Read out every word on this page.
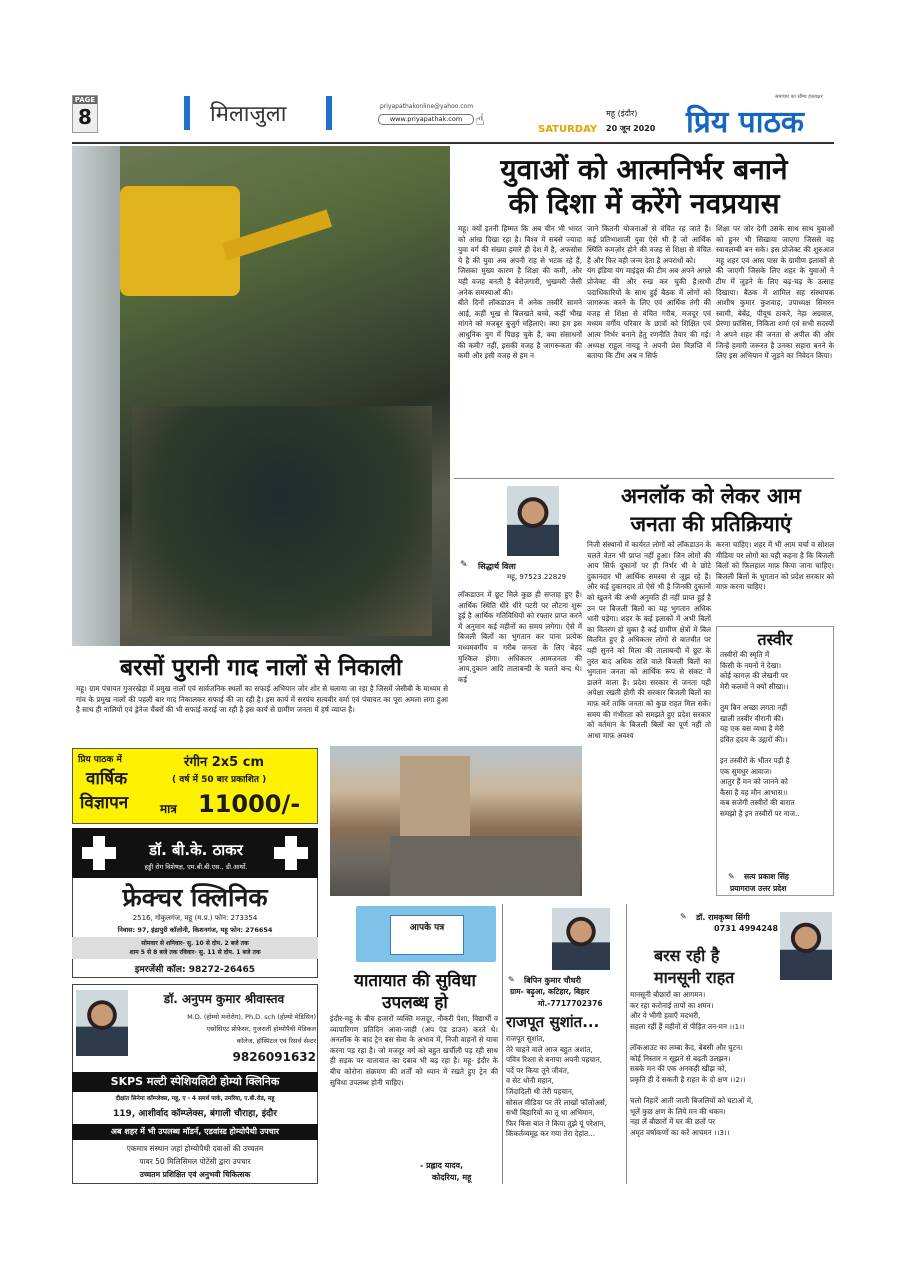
PAGE
8	मिलाजुला	priyapathakonline@yahoo.com
www.priyapathak.com ☝
SATURDAY
महू (इंदौर)
20 जून 2020
समाचार का सौम्य हस्ताक्षर
प्रिय पाठक
युवाओं को आत्मनिर्भर बनाने
की दिशा में करेंगे नवप्रयास
महू। क्यों इतनी हिम्मत कि अब चीन भी भारत को आंख दिखा रहा है। विश्व में सबसे ज्यादा युवा वर्ग की संख्या हमारे ही देश में है, अफसोस ये है की युवा अब अपनी राह से भटक रहे हैं, जिसका मुख्य कारण है शिक्षा की कमी, और यही वजह बनती है बेरोज़गारी, भुखमरी जैसी अनेक समस्याओं की।
बीते दिनों लॉकडाउन में अनेक तस्वीरें सामने आई, कहीं भूख से बिलखते बच्चे, कहीं भीख मांगने को मजबूर बुजुर्ग महिलाएं। क्या हम इस आधुनिक युग में पिछड़ चुके हैं, क्या संसाधनों की कमी? नहीं, इसकी वजह है जागरूकता की कमी और इसी वजह से हम न
जाने कितनी योजनाओं से वंचित रह जाते हैं। कई प्रतिभाशाली युवा ऐसे भी हैं जो आर्थिक स्थिति कमज़ोर होने की वजह से शिक्षा से वंचित हैं और फिर वही जन्म देता है अपराधों को।
यंग इंडिया यंग माइंड्स की टीम अब अपने अगले प्रोजेक्ट की और रुख कर चुकी है।सभी पदाधिकारियों के साथ हुई बैठक में लोगों को जागरूक करने के लिए एवं आर्थिक तंगी की वजह से शिक्षा से वंचित गरीब, मजदूर एवं मध्यम वर्गीय परिवार के छात्रों को शिक्षित एवं आत्म निर्भर बनाने हेतु रणनीति तैयार की गई। अध्यक्ष राहुल नायडू ने अपनी प्रेस विज्ञप्ति में बताया कि टीम अब न सिर्फ
शिक्षा पर जोर देगी उसके साथ साथ युवाओं को हुनर भी सिखाया जाएगा जिससे वह स्वावलम्बी बन सके। इस प्रोजेक्ट की शुरुआत महू शहर एवं आस पास के ग्रामीण इलाकों से की जाएगी जिसके लिए शहर के युवाओं ने टीम में जुड़ने के लिए बढ़-चढ़ के उत्साह दिखाया। बैठक में शामिल सह संस्थापक आशीष कुमार कुशवाह, उपाध्यक्ष सिमरन स्वामी, बेबेंद्र, पीयूष ठाकरे, नेहा अग्रवाल, प्रेरणा फ्रांसिस, निकिता शर्मा एवं सभी सदस्यों ने अपने शहर की जनता से अपील की और जिन्हें हमारी जरूरत है उनका सहारा बनने के लिए इस अभियान में जुड़ने का निवेदन किया।
बरसों पुरानी गाद नालों से निकाली
महू। ग्राम पंचायत गुजरखेड़ा में प्रमुख नालों एवं सार्वजनिक स्थलों का सफाई अभियान जोर शोर से चलाया जा रहा है जिसमें जेसीबी के माध्यम से गांव के प्रमुख नालों की पहली बार गाद निकालकर सफाई की जा रही है। इस कार्य में सरपंच सत्यवीर वर्मा एवं पंचायत का पूरा अमला लगा हुआ है साथ ही नालियों एवं ड्रेनेज चैंबरों की भी सफाई कराई जा रही है इस कार्य से ग्रामीण जनता में हर्ष व्याप्त है।
अनलॉक को लेकर आम
जनता की प्रतिक्रियाएं
✎ सिद्धार्थ विला
महू, 97523 22829
लॉकडाउन में छूट मिले कुछ ही सप्ताह हुए हैं। आर्थिक स्थिति धीरे धीरे पटरी पर लौटना शुरू हुई है आर्थिक गतिविधियों को रफ्तार प्राप्त करने में अनुमान कई महीनों का समय लगेगा। ऐसे में बिजली बिलों का भुगतान कर पाना प्रत्येक मध्यमवर्गीय व गरीब जनता के लिए बेहद मुश्किल होगा। अधिकतर आमजनता की आय,दुकान आदि तालाबन्दी के चलते बन्द थे। कई
निजी संस्थानों में कार्यरत लोगों को लॉकडाउन के चलते वेतन भी प्राप्त नहीं हुआ। जिन लोगों की आय सिर्फ दुकानों पर ही निर्भर थी वे छोटे दुकानदार भी आर्थिक समस्या से जूझ रहे हैं। और कई दुकानदार तो ऐसे भी है जिनकी दुकानों को खुलने की अभी अनुमति ही नहीं प्राप्त हुई है उन पर बिजली बिलों का यह भुगतान अधिक भारी पड़ेगा। शहर के कई इलाकों में अभी बिलों का वितरण हो चुका है कई ग्रामीण क्षेत्रों में बिल वितरित हुए है अधिकतर लोगों से बातचीत पर यही सुनने को मिला की तालाबन्दी में छूट के तुरंत बाद अधिक राशि वाले बिजली बिलों का भुगतान जनता को आर्थिक रूप से संकट में डालने वाला है। प्रदेश सरकार से जनता यही अपेक्षा रखती होगी की सरकार बिजली बिलों का माफ़ करें ताकि जनता को कुछ राहत मिल सकें। समय की गंभीरता को समझते हुए प्रदेश सरकार को वर्तमान के बिजली बिलों का पूर्ण नहीं तो आधा माफ़ अवश्य
करना चाहिए। शहर में भी आम चर्चा व सोशल मीडिया पर लोगों का यही कहना है कि बिजली बिलों को फ़िलहाल माफ़ किया जाना चाहिए। बिजली बिलों के भुगतान को प्रदेश सरकार को माफ़ करना चाहिए।
तस्वीर
तस्वीरों की स्मृति में
किसी के नयनों ने देखा।
कोई कागज़ की लेखनी पर
मेरी कलमों ने क्यों सीखा।।

तुम बिन अच्छा लगता नहीं
खाली तस्वीर वीरानी की।
यह एक बस व्यथा है मेरी
द्रवित हृदय के उद्गारों की।।

इन तस्वीरों के भीतर पड़ी है
एक सुमधुर आवाज।
आतुर हैं मन को जानने को
कैसा है यह मौन आभास।।
कब सजेगी तस्वीरों की बारात
समझो है इन तस्वीरों पर नाज..
✎ सत्य प्रकाश सिंह
प्रयागराज उत्तर प्रदेश
प्रिय पाठक में
वार्षिक
विज्ञापन
रंगीन 2x5 cm
( वर्ष में 50 बार प्रकाशित )
मात्र 11000/-
डॉ. बी.के. ठाकर
हड्डी रोग विशेषज्ञ, एम.बी.बी.एस., डी.आर्थो.
फ्रेक्चर क्लिनिक
2516, गोकुलगंज, महू (म.प्र.) फोन: 273354
निवास: 97, इंद्रापुरी कॉलोनी, किशनगंज, महू फोन: 276654
सोमवार से शनिवार- सु. 10 से दोप. 2 बजे तक
शाम 5 से 8 बजे तक रविवार- सु. 11 से दोप. 1 बजे तक
इमरजेंसी कॉल: 98272-26465
डॉ. अनुपम कुमार श्रीवास्तव
M.D. (होम्यो मनोरोग), Ph.D. sch (होम्यो मेडिसिन)
एसोसिएट प्रोफेसर, गुजराती होम्योपैथी मेडिकल
कॉलेज, हॉस्पिटल एवं रिसर्च सेन्टर
9826091632
SKPS मल्टी स्पेशियलिटी होम्यो क्लिनिक
दीक्षांत सिनेमा कॉम्प्लेक्स, महू, ए - 4 समर्थ पार्क, उमरिया, ए.बी.रोड, महू
119, आशीर्वाद कॉम्प्लेक्स, बंगाली चौराहा, इंदौर
अब शहर में भी उपलब्ध मॉडर्न, एडवांस्ड होम्योपैथी उपचार
एकमात्र संस्थान जहां होम्योपैथी दवाओं की उच्चतम
पावर 50 मिलिसिमल पोटेंसी द्वारा उपचार
उच्चतम प्रशिक्षित एवं अनुभवी चिकित्सक
आपके पत्र
यातायात की सुविधा
उपलब्ध हो
इंदौर-महू के बीच हजारों व्यक्ति मजदूर, नौकरी पेशा, विद्यार्थी व व्यापारिगण प्रतिदिन आवा-जाही (अप एंड डाउन) करते थे। अनलॉक के बाद ट्रेन बस सेवा के अभाव में, निजी वाहनों से यात्रा करना पड़ रहा है। जो मजदूर वर्ग को बहुत खर्चीली पड़ रही साथ ही सड़क पर यातायात का दबाव भी बढ़ रहा है। महू- इंदौर के बीच कोरोना संक्रमण की शर्तों को ध्यान में रखते हुए ट्रेन की सुविधा उपलब्ध होनी चाहिए।
- प्रह्लाद यादव,
कोदरिया, महू
✎ बिपिन कुमार चौधरी
ग्राम- बढ़ुआ, कटिहार, बिहार
मो.-7717702376
राजपूत सुशांत...
राजपूत सुशांत,
तेरे चाहने वाले आज बहुत अशांत,
पवित्र रिश्ता से बनाया अपनी पहचान,
पर्दे पर किया तूने जीवंत,
व सेट धोनी महान,
जिंदादिली थी तेरी पहचान,
सोसल मीडिया पर तेरे लाखों फॉलोअर्स,
सभी बिहारियों का तू था अभिमान,
फिर किस बात ने किया तुझे यूं परेशान,
किंकर्तव्यमूढ़ कर गया तेरा देहांत...
✎ डॉ. रामकृष्ण सिंगी
0731 4994248
बरस रही है
मानसूनी राहत
मानसूनी बौछारों का आगमन।
कर रहा करोनाई तापों का शमन।
और ये भीगी हवाएँ मदभरी,
सहला रहीं हैं महीनों से पीड़ित तन-मन ।।1।।

लॉकआउट का लम्बा कैद, बेबसी और घुटन।
कोई निस्तार न सूझने से बढ़ती उलझन।
सबके मन की एक अनकही खीझ को,
प्रकृति ही दे सकती है राहत के दो क्षण ।।2।।

चलो निहारें आती जाती बिजलियों को घटाओं में,
भूलें कुछ क्षण के लिये मन की थकन।
नहा लें बौछारों में घर की छतों पर
अमृत वर्षाकणों का करें आचमन ।।3।।
